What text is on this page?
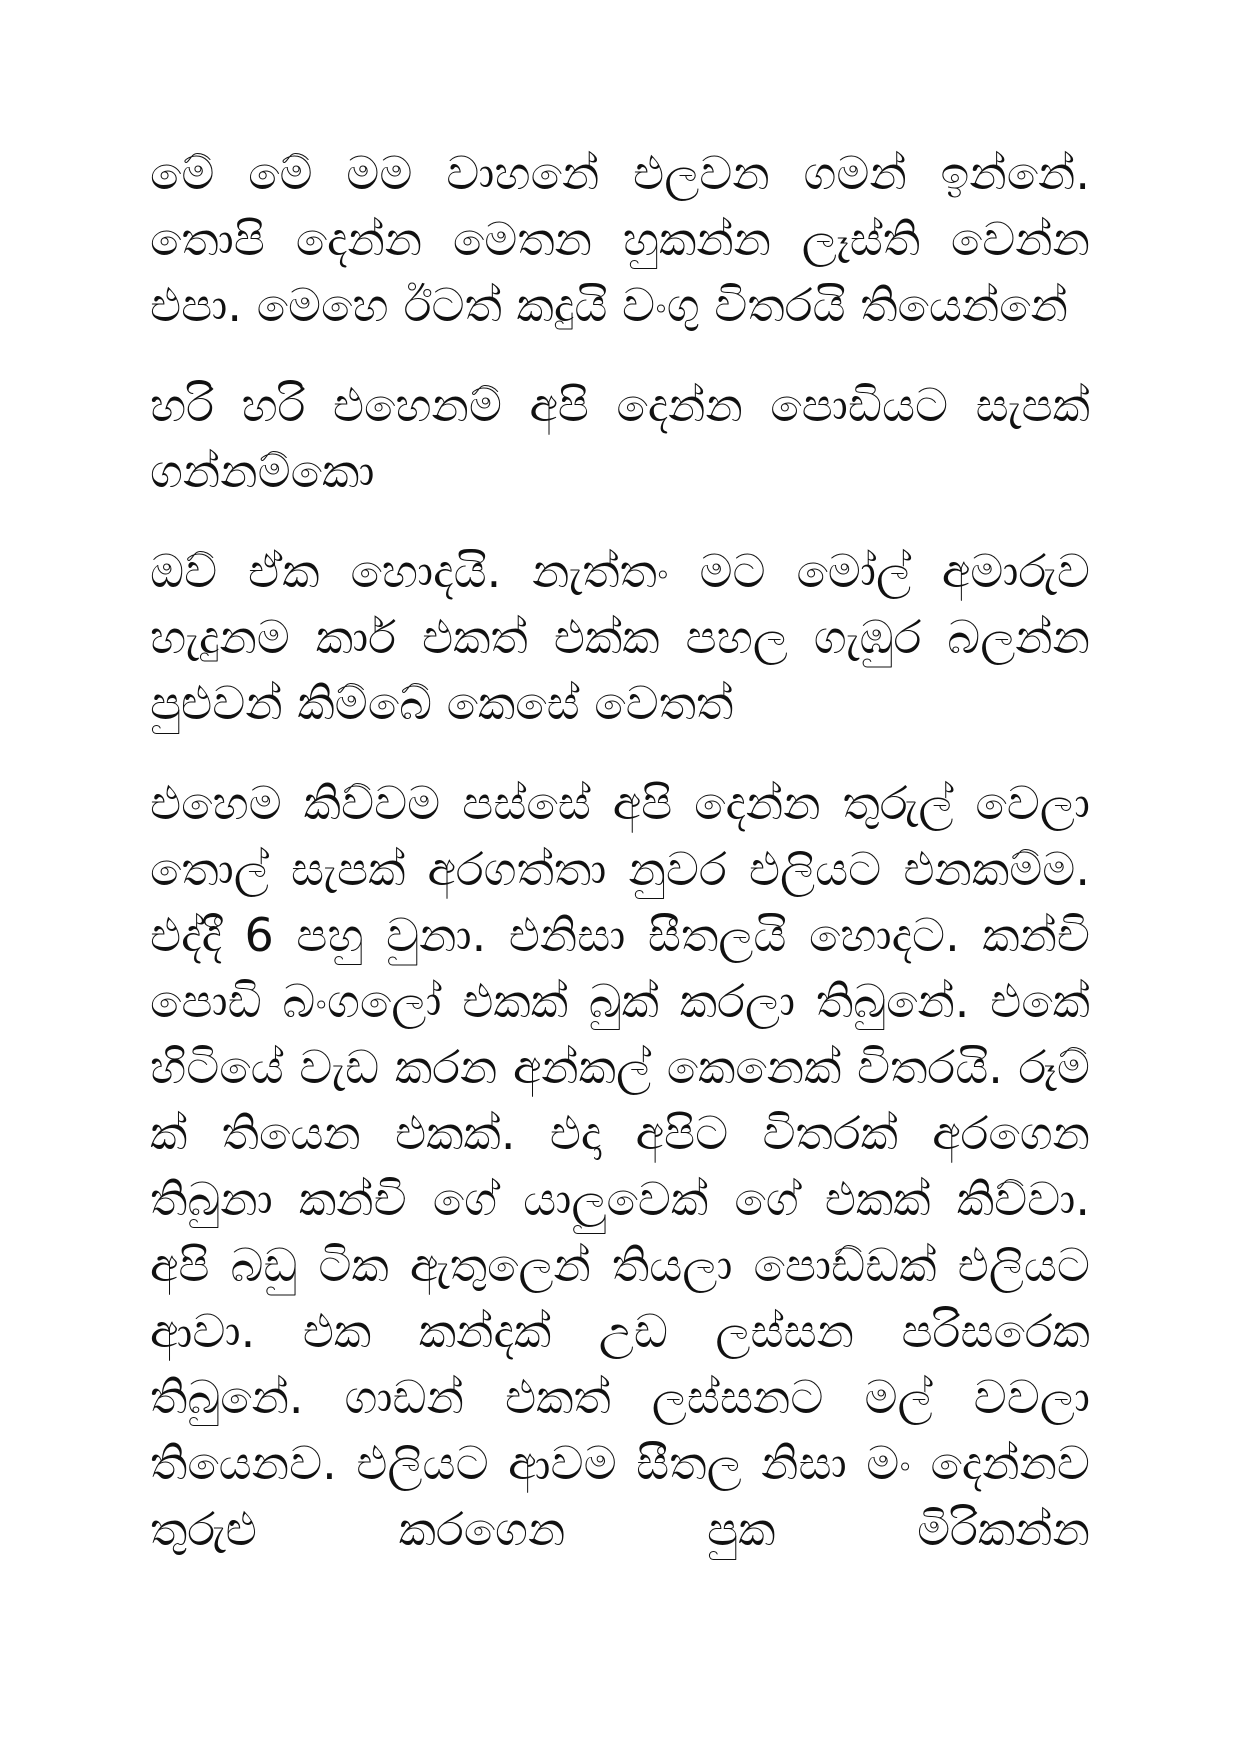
මේ මේ මම වාහනේ එලවන ගමන් ඉන්නේ. තොපි දෙන්න මෙතන හුකන්න ලෑස්ති වෙන්න එපා. මෙහෙ ඊටත් කදුයි වංගු විතරයි තියෙන්නේ

හරි හරි එහෙනම් අපි දෙන්න පොඩියට සැපක් ගන්නම්කො

ඔව් ඒක හොදයි. නැත්තං මට මෝල් අමාරුව හැදුනම කාර් එකත් එක්ක පහල ගැඹුර බලන්න පුළුවන් කිම්බේ කෙසේ වෙතත්

එහෙම කිව්වම පස්සේ අපි දෙන්න තුරුල් වෙලා තොල් සැපක් අරගත්තා නුවර එලියට එනකම්ම. එද්දී 6 පහු වුනා. එනිසා සීතලයි හොදට. කන්චි පොඩි බංගලෝ එකක් බුක් කරලා තිබුනේ. එකේ හිටියේ වැඩ කරන අන්කල් කෙනෙක් විතරයි. රූම් ක් තියෙන එකක්. එදා අපිට විතරක් අරගෙන තිබුනා කන්චි ගේ යාලුවෙක් ගේ එකක් කිව්වා. අපි බඩු ටික ඇතුලෙන් තියලා පොඩ්ඩක් එලියට ආවා. එක කන්දක් උඩ ලස්සන පරිසරෙක තිබුනේ. ගාඩන් එකත් ලස්සනට මල් වවලා තියෙනව. එලියට ආවම සීතල නිසා මං දෙන්නව තුරුළු කරගෙන පුක මිරිකන්න
